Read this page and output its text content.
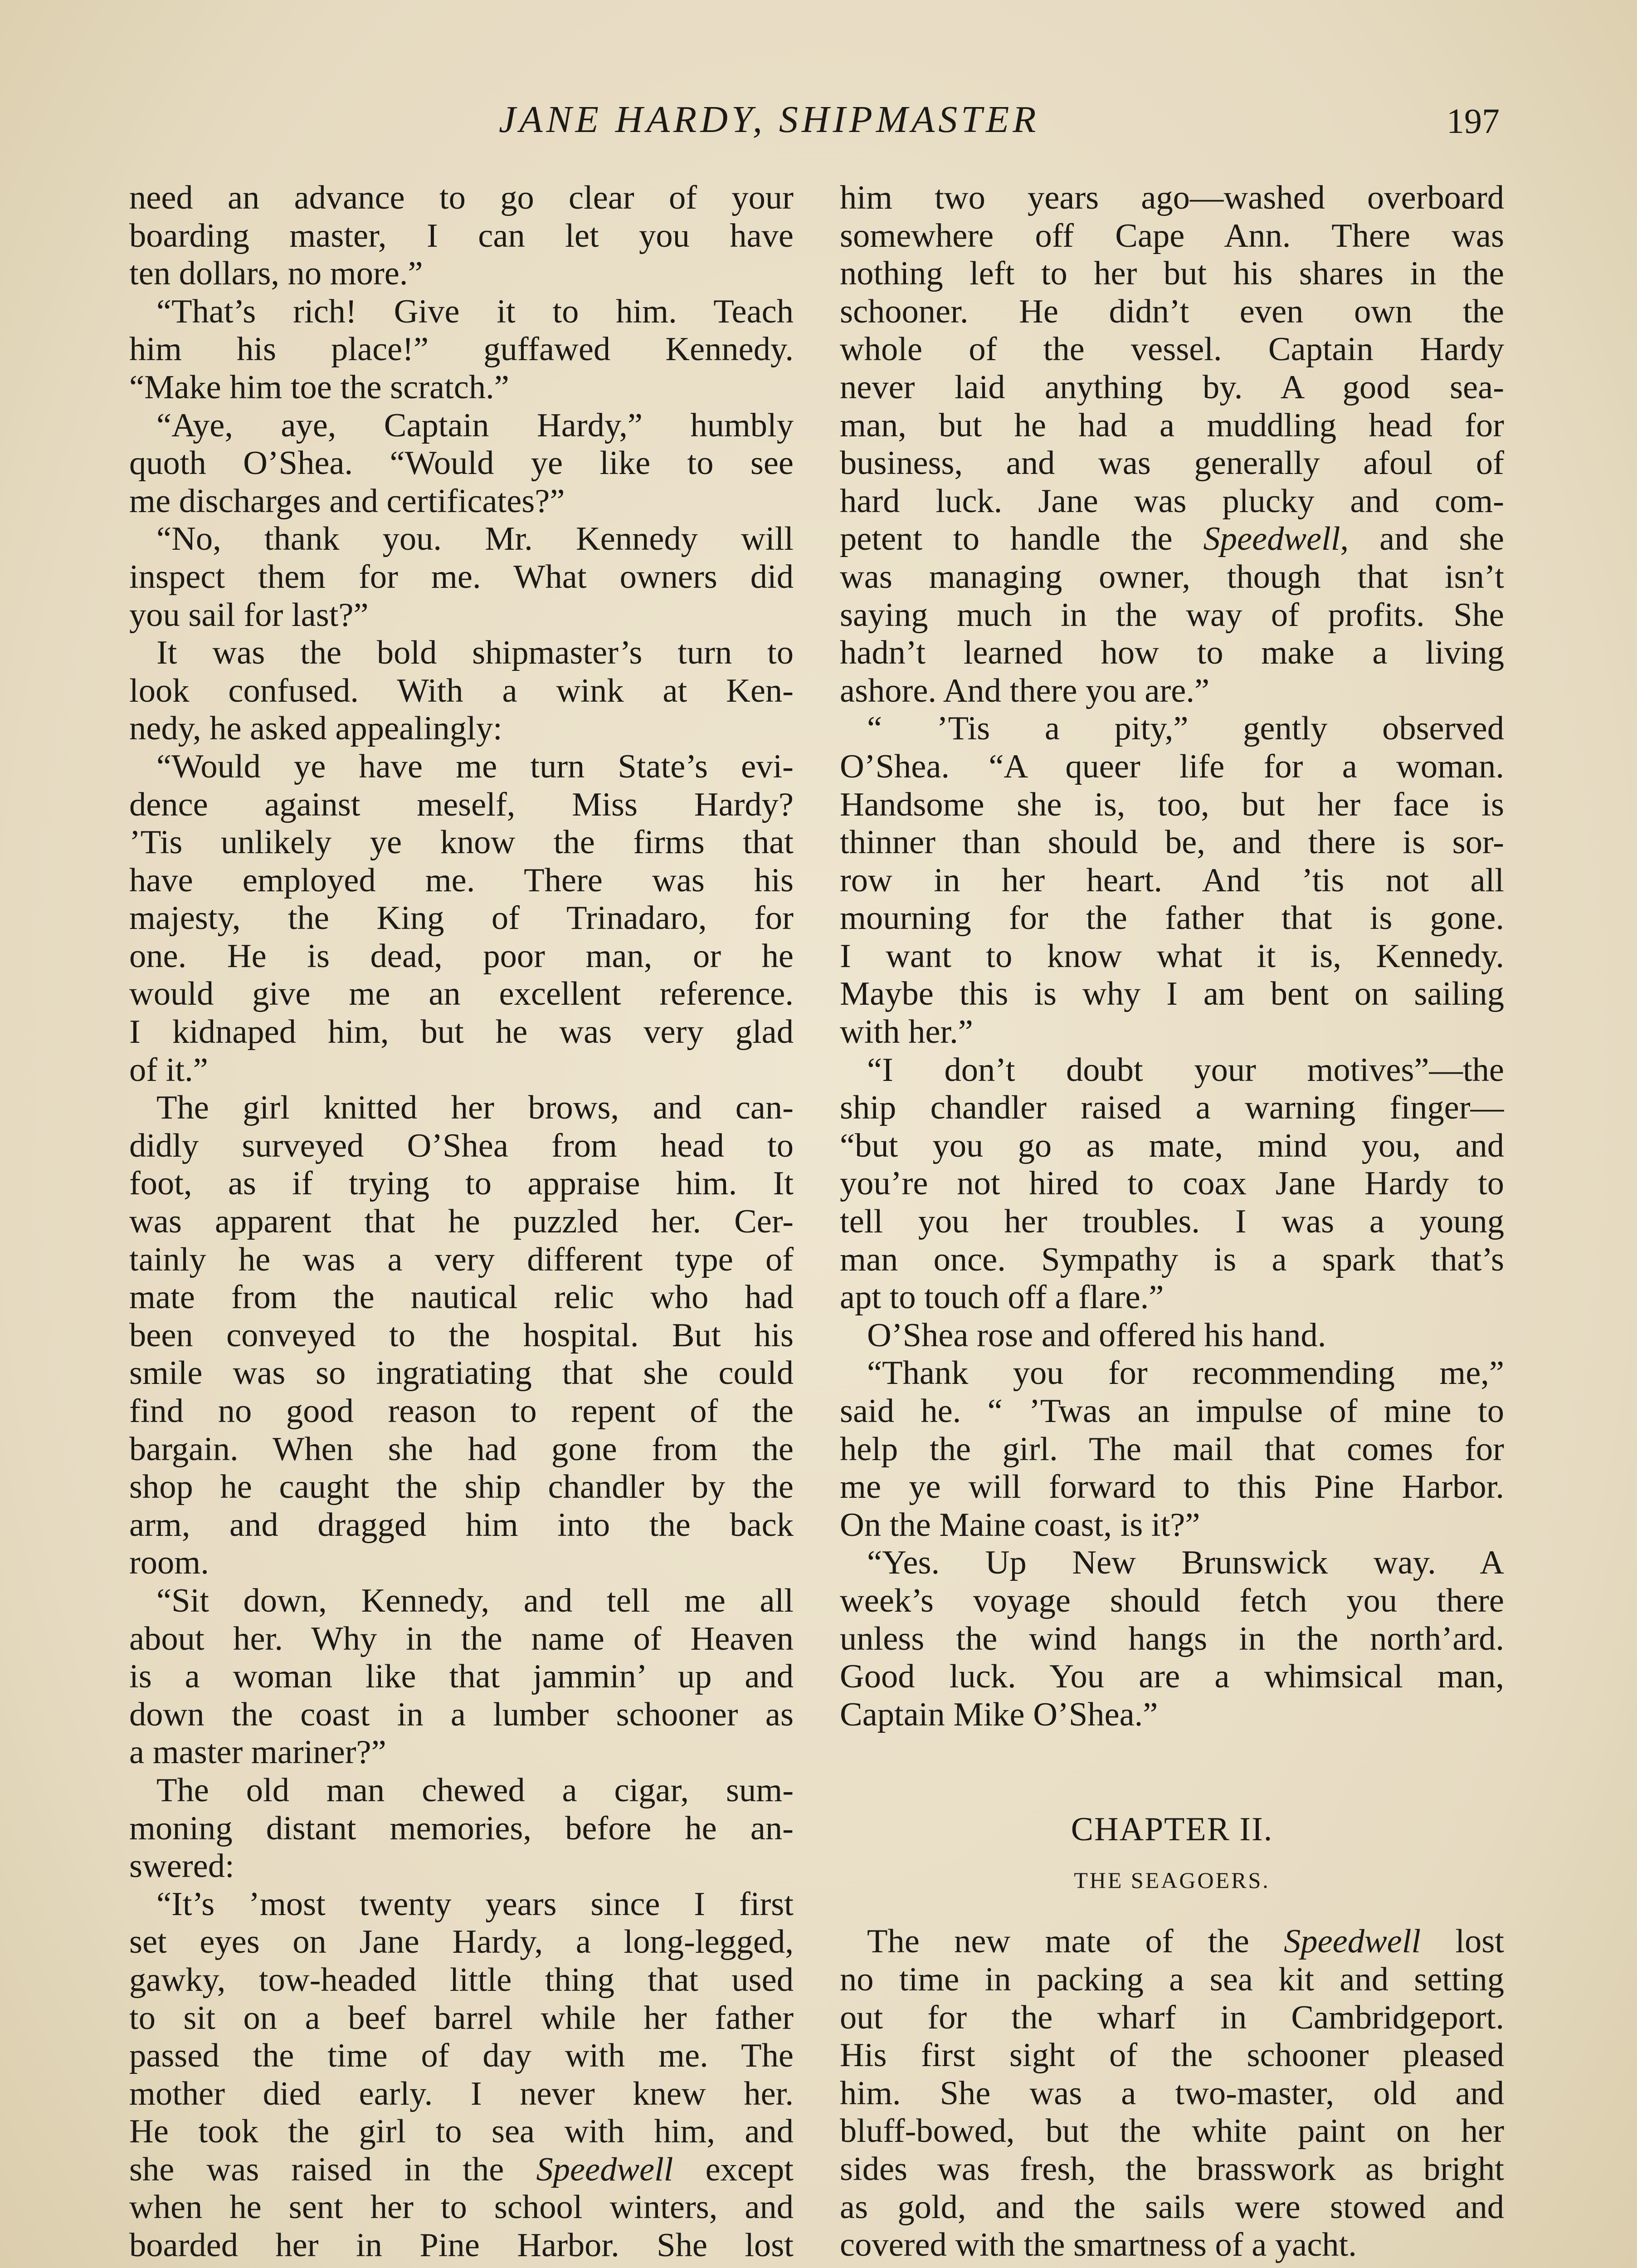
JANE HARDY, SHIPMASTER	197
need an advance to go clear of your
boarding master, I can let you have
ten dollars, no more.”
“That’s rich! Give it to him. Teach
him his place!” guffawed Kennedy.
“Make him toe the scratch.”
“Aye, aye, Captain Hardy,” humbly
quoth O’Shea. “Would ye like to see
me discharges and certificates?”
“No, thank you. Mr. Kennedy will
inspect them for me. What owners did
you sail for last?”
It was the bold shipmaster’s turn to
look confused. With a wink at Ken-
nedy, he asked appealingly:
“Would ye have me turn State’s evi-
dence against meself, Miss Hardy?
’Tis unlikely ye know the firms that
have employed me. There was his
majesty, the King of Trinadaro, for
one. He is dead, poor man, or he
would give me an excellent reference.
I kidnaped him, but he was very glad
of it.”
The girl knitted her brows, and can-
didly surveyed O’Shea from head to
foot, as if trying to appraise him. It
was apparent that he puzzled her. Cer-
tainly he was a very different type of
mate from the nautical relic who had
been conveyed to the hospital. But his
smile was so ingratiating that she could
find no good reason to repent of the
bargain. When she had gone from the
shop he caught the ship chandler by the
arm, and dragged him into the back
room.
“Sit down, Kennedy, and tell me all
about her. Why in the name of Heaven
is a woman like that jammin’ up and
down the coast in a lumber schooner as
a master mariner?”
The old man chewed a cigar, sum-
moning distant memories, before he an-
swered:
“It’s ’most twenty years since I first
set eyes on Jane Hardy, a long-legged,
gawky, tow-headed little thing that used
to sit on a beef barrel while her father
passed the time of day with me. The
mother died early. I never knew her.
He took the girl to sea with him, and
she was raised in the Speedwell except
when he sent her to school winters, and
boarded her in Pine Harbor. She lost
him two years ago—washed overboard
somewhere off Cape Ann. There was
nothing left to her but his shares in the
schooner. He didn’t even own the
whole of the vessel. Captain Hardy
never laid anything by. A good sea-
man, but he had a muddling head for
business, and was generally afoul of
hard luck. Jane was plucky and com-
petent to handle the Speedwell, and she
was managing owner, though that isn’t
saying much in the way of profits. She
hadn’t learned how to make a living
ashore. And there you are.”
“ ’Tis a pity,” gently observed
O’Shea. “A queer life for a woman.
Handsome she is, too, but her face is
thinner than should be, and there is sor-
row in her heart. And ’tis not all
mourning for the father that is gone.
I want to know what it is, Kennedy.
Maybe this is why I am bent on sailing
with her.”
“I don’t doubt your motives”—the
ship chandler raised a warning finger—
“but you go as mate, mind you, and
you’re not hired to coax Jane Hardy to
tell you her troubles. I was a young
man once. Sympathy is a spark that’s
apt to touch off a flare.”
O’Shea rose and offered his hand.
“Thank you for recommending me,”
said he. “ ’Twas an impulse of mine to
help the girl. The mail that comes for
me ye will forward to this Pine Harbor.
On the Maine coast, is it?”
“Yes. Up New Brunswick way. A
week’s voyage should fetch you there
unless the wind hangs in the north’ard.
Good luck. You are a whimsical man,
Captain Mike O’Shea.”
CHAPTER II.
THE SEAGOERS.
The new mate of the Speedwell lost
no time in packing a sea kit and setting
out for the wharf in Cambridgeport.
His first sight of the schooner pleased
him. She was a two-master, old and
bluff-bowed, but the white paint on her
sides was fresh, the brasswork as bright
as gold, and the sails were stowed and
covered with the smartness of a yacht.
